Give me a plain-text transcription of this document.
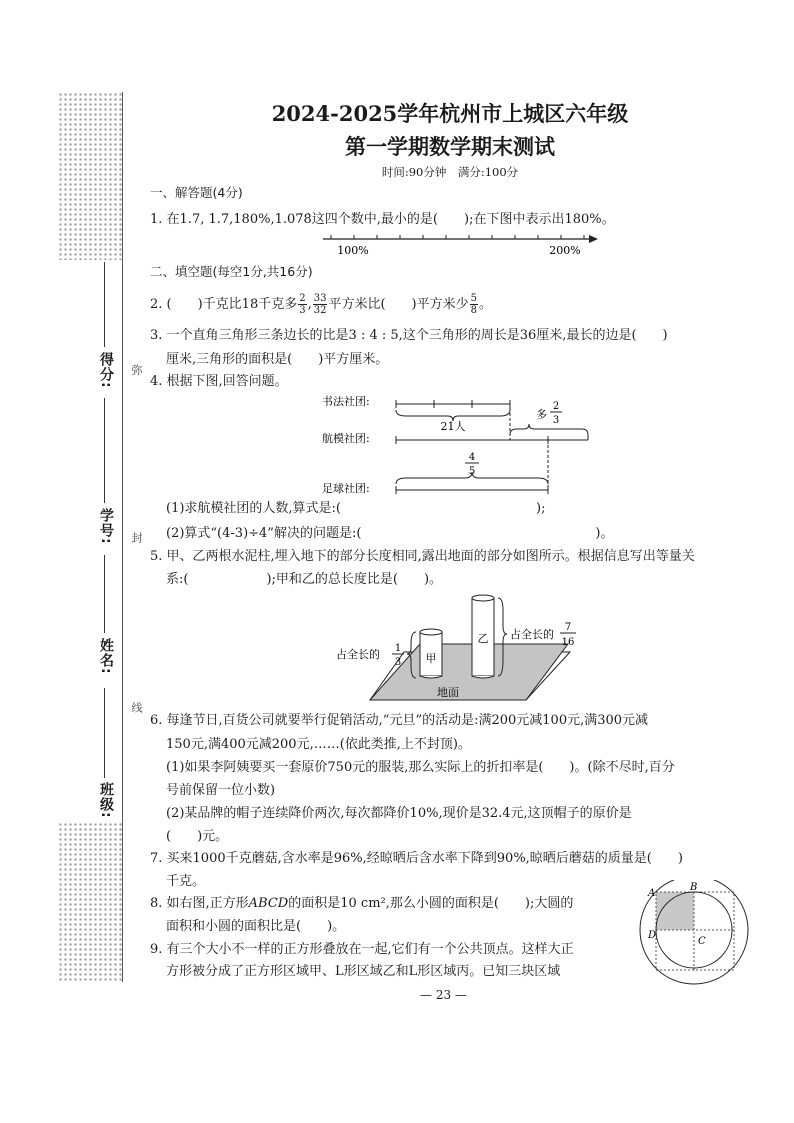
得分:
学号:
姓名:
班级:
弥
封
线
2024-2025学年杭州市上城区六年级
第一学期数学期末测试
时间:90分钟　满分:100分
一、解答题(4分)
1. 在1.7, 1.7̇,180%,1.07̇8̇这四个数中,最小的是(　　);在下图中表示出180%。
100%	200%
二、填空题(每空1分,共16分)
2. (　　)千克比18千克多 $\frac{2}{3}$ , $\frac{33}{32}$ 平方米比(　　)平方米少 $\frac{5}{8}$ 。
3. 一个直角三角形三条边长的比是3 : 4 : 5,这个三角形的周长是36厘米,最长的边是(　　)
厘米,三角形的面积是(　　)平方厘米。
4. 根据下图,回答问题。
书法社团:
航模社团:
足球社团:
21人
多
2
3
4
5
(1)求航模社团的人数,算式是:(　　　　　　　　　　　　　　　);
(2)算式“(4-3)÷4”解决的问题是:(　　　　　　　　　　　　　　　　　　)。
5. 甲、乙两根水泥柱,埋入地下的部分长度相同,露出地面的部分如图所示。根据信息写出等量关
系:(　　　　　　);甲和乙的总长度比是(　　)。
甲
乙
占全长的 1
3
占全长的
7
16
地面
6. 每逢节日,百货公司就要举行促销活动,“元旦”的活动是:满200元减100元,满300元减
150元,满400元减200元,……(依此类推,上不封顶)。
(1)如果李阿姨要买一套原价750元的服装,那么实际上的折扣率是(　　)。(除不尽时,百分
号前保留一位小数)
(2)某品牌的帽子连续降价两次,每次都降价10%,现价是32.4元,这顶帽子的原价是
(　　)元。
7. 买来1000千克蘑菇,含水率是96%,经晾晒后含水率下降到90%,晾晒后蘑菇的质量是(　　)
千克。
8. 如右图,正方形ABCD的面积是10 cm²,那么小圆的面积是(　　);大圆的
面积和小圆的面积比是(　　)。
A
B
C
D
9. 有三个大小不一样的正方形叠放在一起,它们有一个公共顶点。这样大正
方形被分成了正方形区域甲、L形区域乙和L形区域丙。已知三块区域
— 23 —
